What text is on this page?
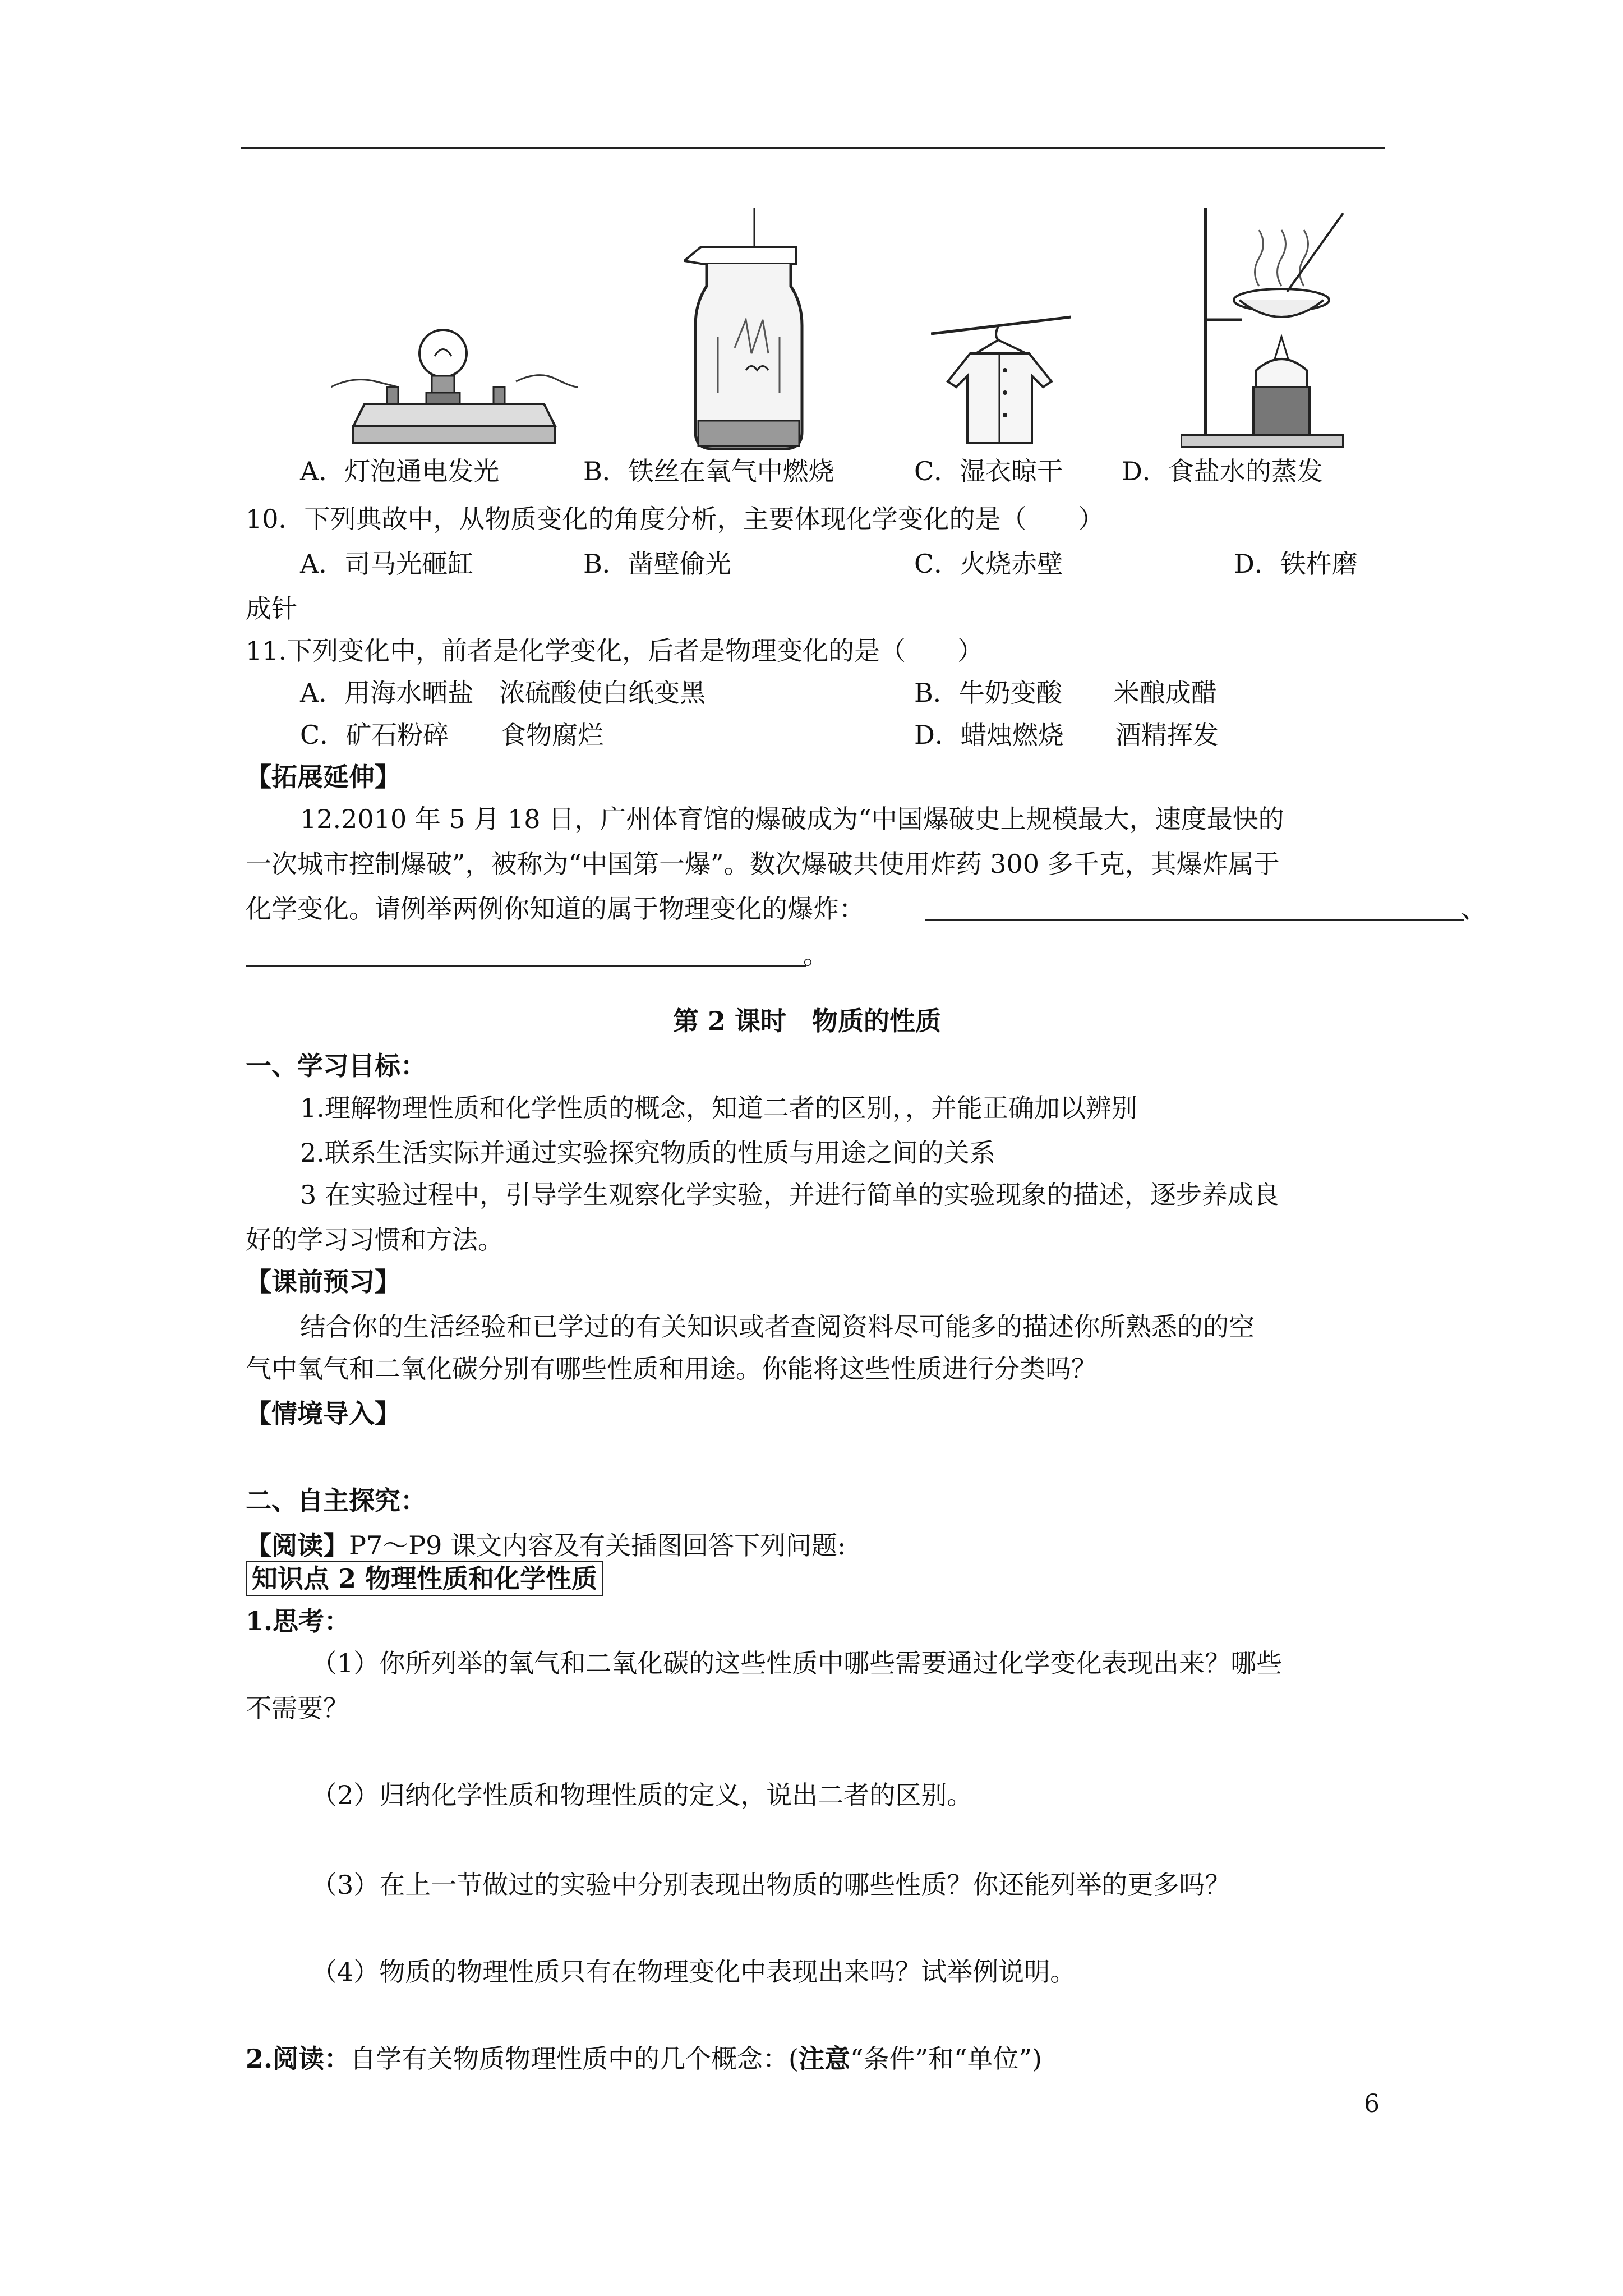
A．灯泡通电发光	B．铁丝在氧气中燃烧	C．湿衣晾干 D．食盐水的蒸发
10．下列典故中，从物质变化的角度分析，主要体现化学变化的是（　　）
A．司马光砸缸	B．凿壁偷光	C．火烧赤壁	D．铁杵磨
成针
11.下列变化中，前者是化学变化，后者是物理变化的是（　　）
A．用海水晒盐　浓硫酸使白纸变黑	B．牛奶变酸　　米酿成醋
C．矿石粉碎　　食物腐烂	D．蜡烛燃烧　　酒精挥发
【拓展延伸】
12.2010 年 5 月 18 日，广州体育馆的爆破成为“中国爆破史上规模最大，速度最快的
一次城市控制爆破”，被称为“中国第一爆”。数次爆破共使用炸药 300 多千克，其爆炸属于
化学变化。请例举两例你知道的属于物理变化的爆炸：	、
。
第 2 课时　物质的性质
一、学习目标：
1.理解物理性质和化学性质的概念，知道二者的区别，，并能正确加以辨别
2.联系生活实际并通过实验探究物质的性质与用途之间的关系
3 在实验过程中，引导学生观察化学实验，并进行简单的实验现象的描述，逐步养成良
好的学习习惯和方法。
【课前预习】
结合你的生活经验和已学过的有关知识或者查阅资料尽可能多的描述你所熟悉的的空
气中氧气和二氧化碳分别有哪些性质和用途。你能将这些性质进行分类吗？
【情境导入】
二、自主探究：
【阅读】P7～P9 课文内容及有关插图回答下列问题:
知识点 2 物理性质和化学性质
1.思考：
（1）你所列举的氧气和二氧化碳的这些性质中哪些需要通过化学变化表现出来？哪些
不需要？
（2）归纳化学性质和物理性质的定义，说出二者的区别。
（3）在上一节做过的实验中分别表现出物质的哪些性质？你还能列举的更多吗？
（4）物质的物理性质只有在物理变化中表现出来吗？试举例说明。
2.阅读：自学有关物质物理性质中的几个概念：(注意“条件”和“单位”)
6
